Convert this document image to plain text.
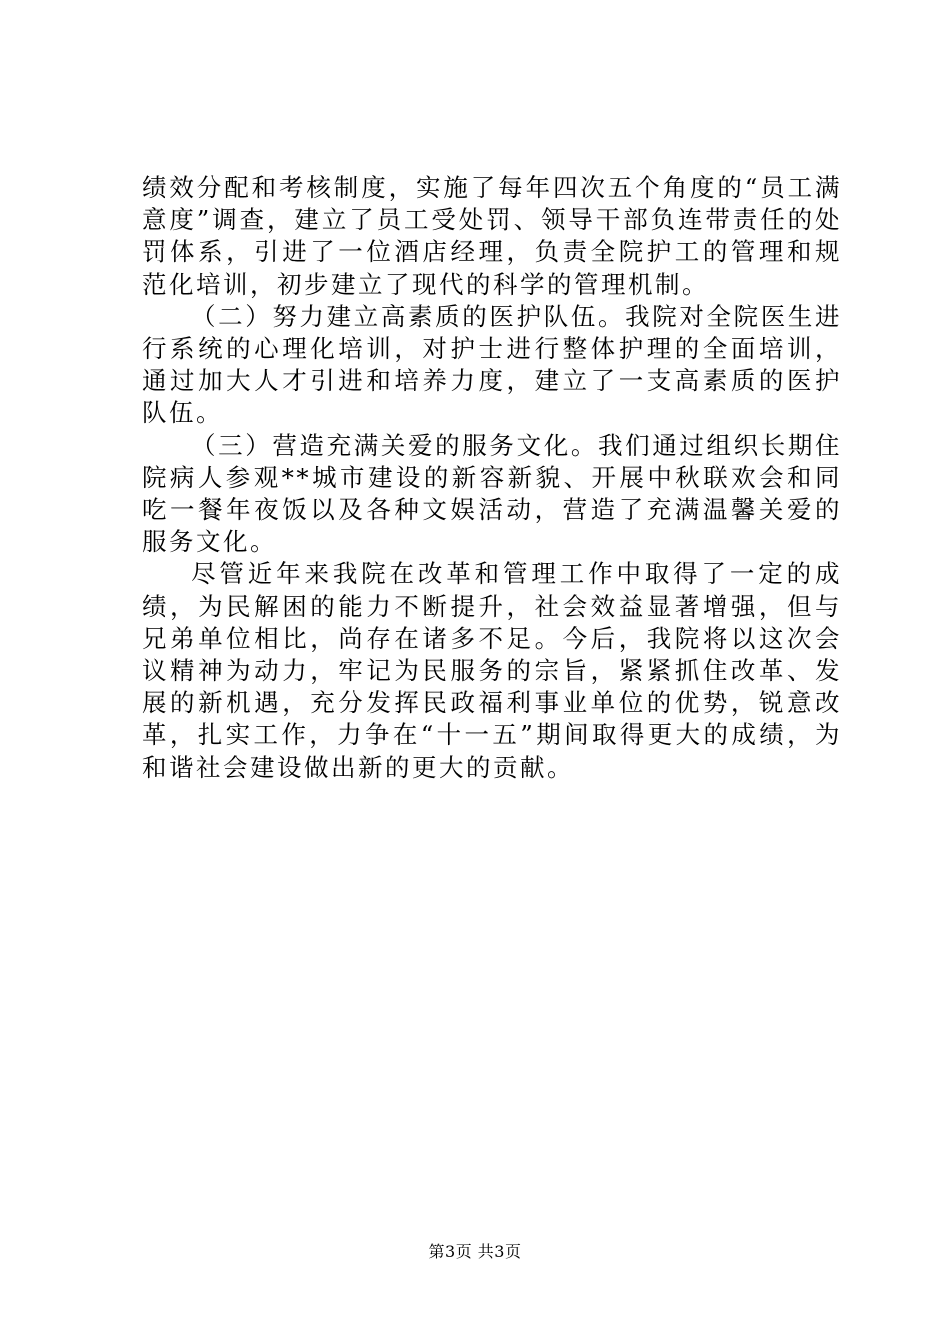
绩效分配和考核制度，实施了每年四次五个角度的“员工满意度”调查，建立了员工受处罚、领导干部负连带责任的处罚体系，引进了一位酒店经理，负责全院护工的管理和规范化培训，初步建立了现代的科学的管理机制。

（二）努力建立高素质的医护队伍。我院对全院医生进行系统的心理化培训，对护士进行整体护理的全面培训，通过加大人才引进和培养力度，建立了一支高素质的医护队伍。

（三）营造充满关爱的服务文化。我们通过组织长期住院病人参观**城市建设的新容新貌、开展中秋联欢会和同吃一餐年夜饭以及各种文娱活动，营造了充满温馨关爱的服务文化。

尽管近年来我院在改革和管理工作中取得了一定的成绩，为民解困的能力不断提升，社会效益显著增强，但与兄弟单位相比，尚存在诸多不足。今后，我院将以这次会议精神为动力，牢记为民服务的宗旨，紧紧抓住改革、发展的新机遇，充分发挥民政福利事业单位的优势，锐意改革，扎实工作，力争在“十一五”期间取得更大的成绩，为和谐社会建设做出新的更大的贡献。

第3页 共3页
